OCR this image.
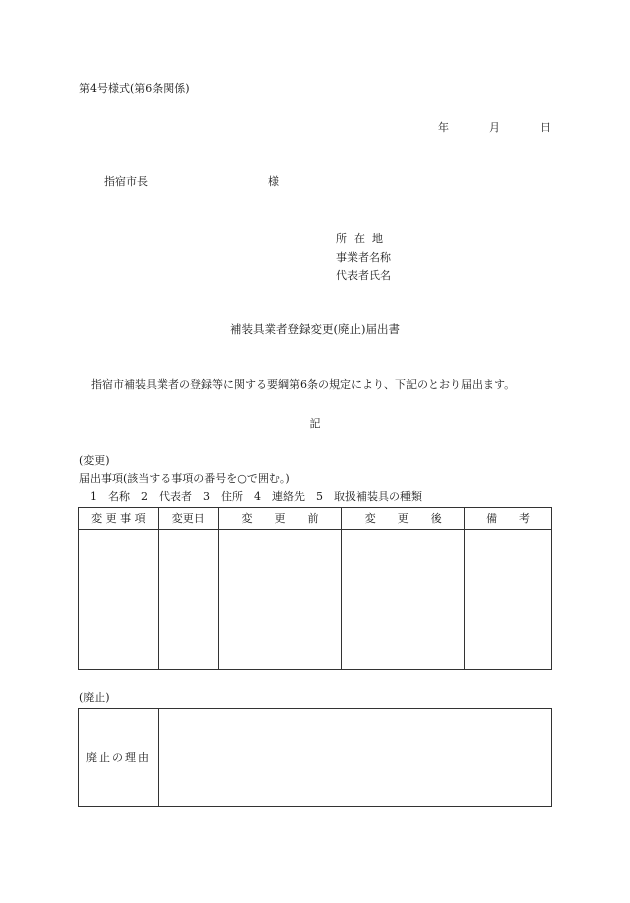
第4号様式(第6条関係)
年	月	日
指宿市長	様
所在地
事業者名称
代表者氏名
補装具業者登録変更(廃止)届出書
指宿市補装具業者の登録等に関する要綱第6条の規定により、下記のとおり届出ます。
記
(変更)
届出事項(該当する事項の番号を○で囲む。)
1　名称　2　代表者　3　住所　4　連絡先　5　取扱補装具の種類
変 更 事 項	変更日	変　　更　　前	変　　更　　後	備　　考

(廃止)
廃止の理由	
